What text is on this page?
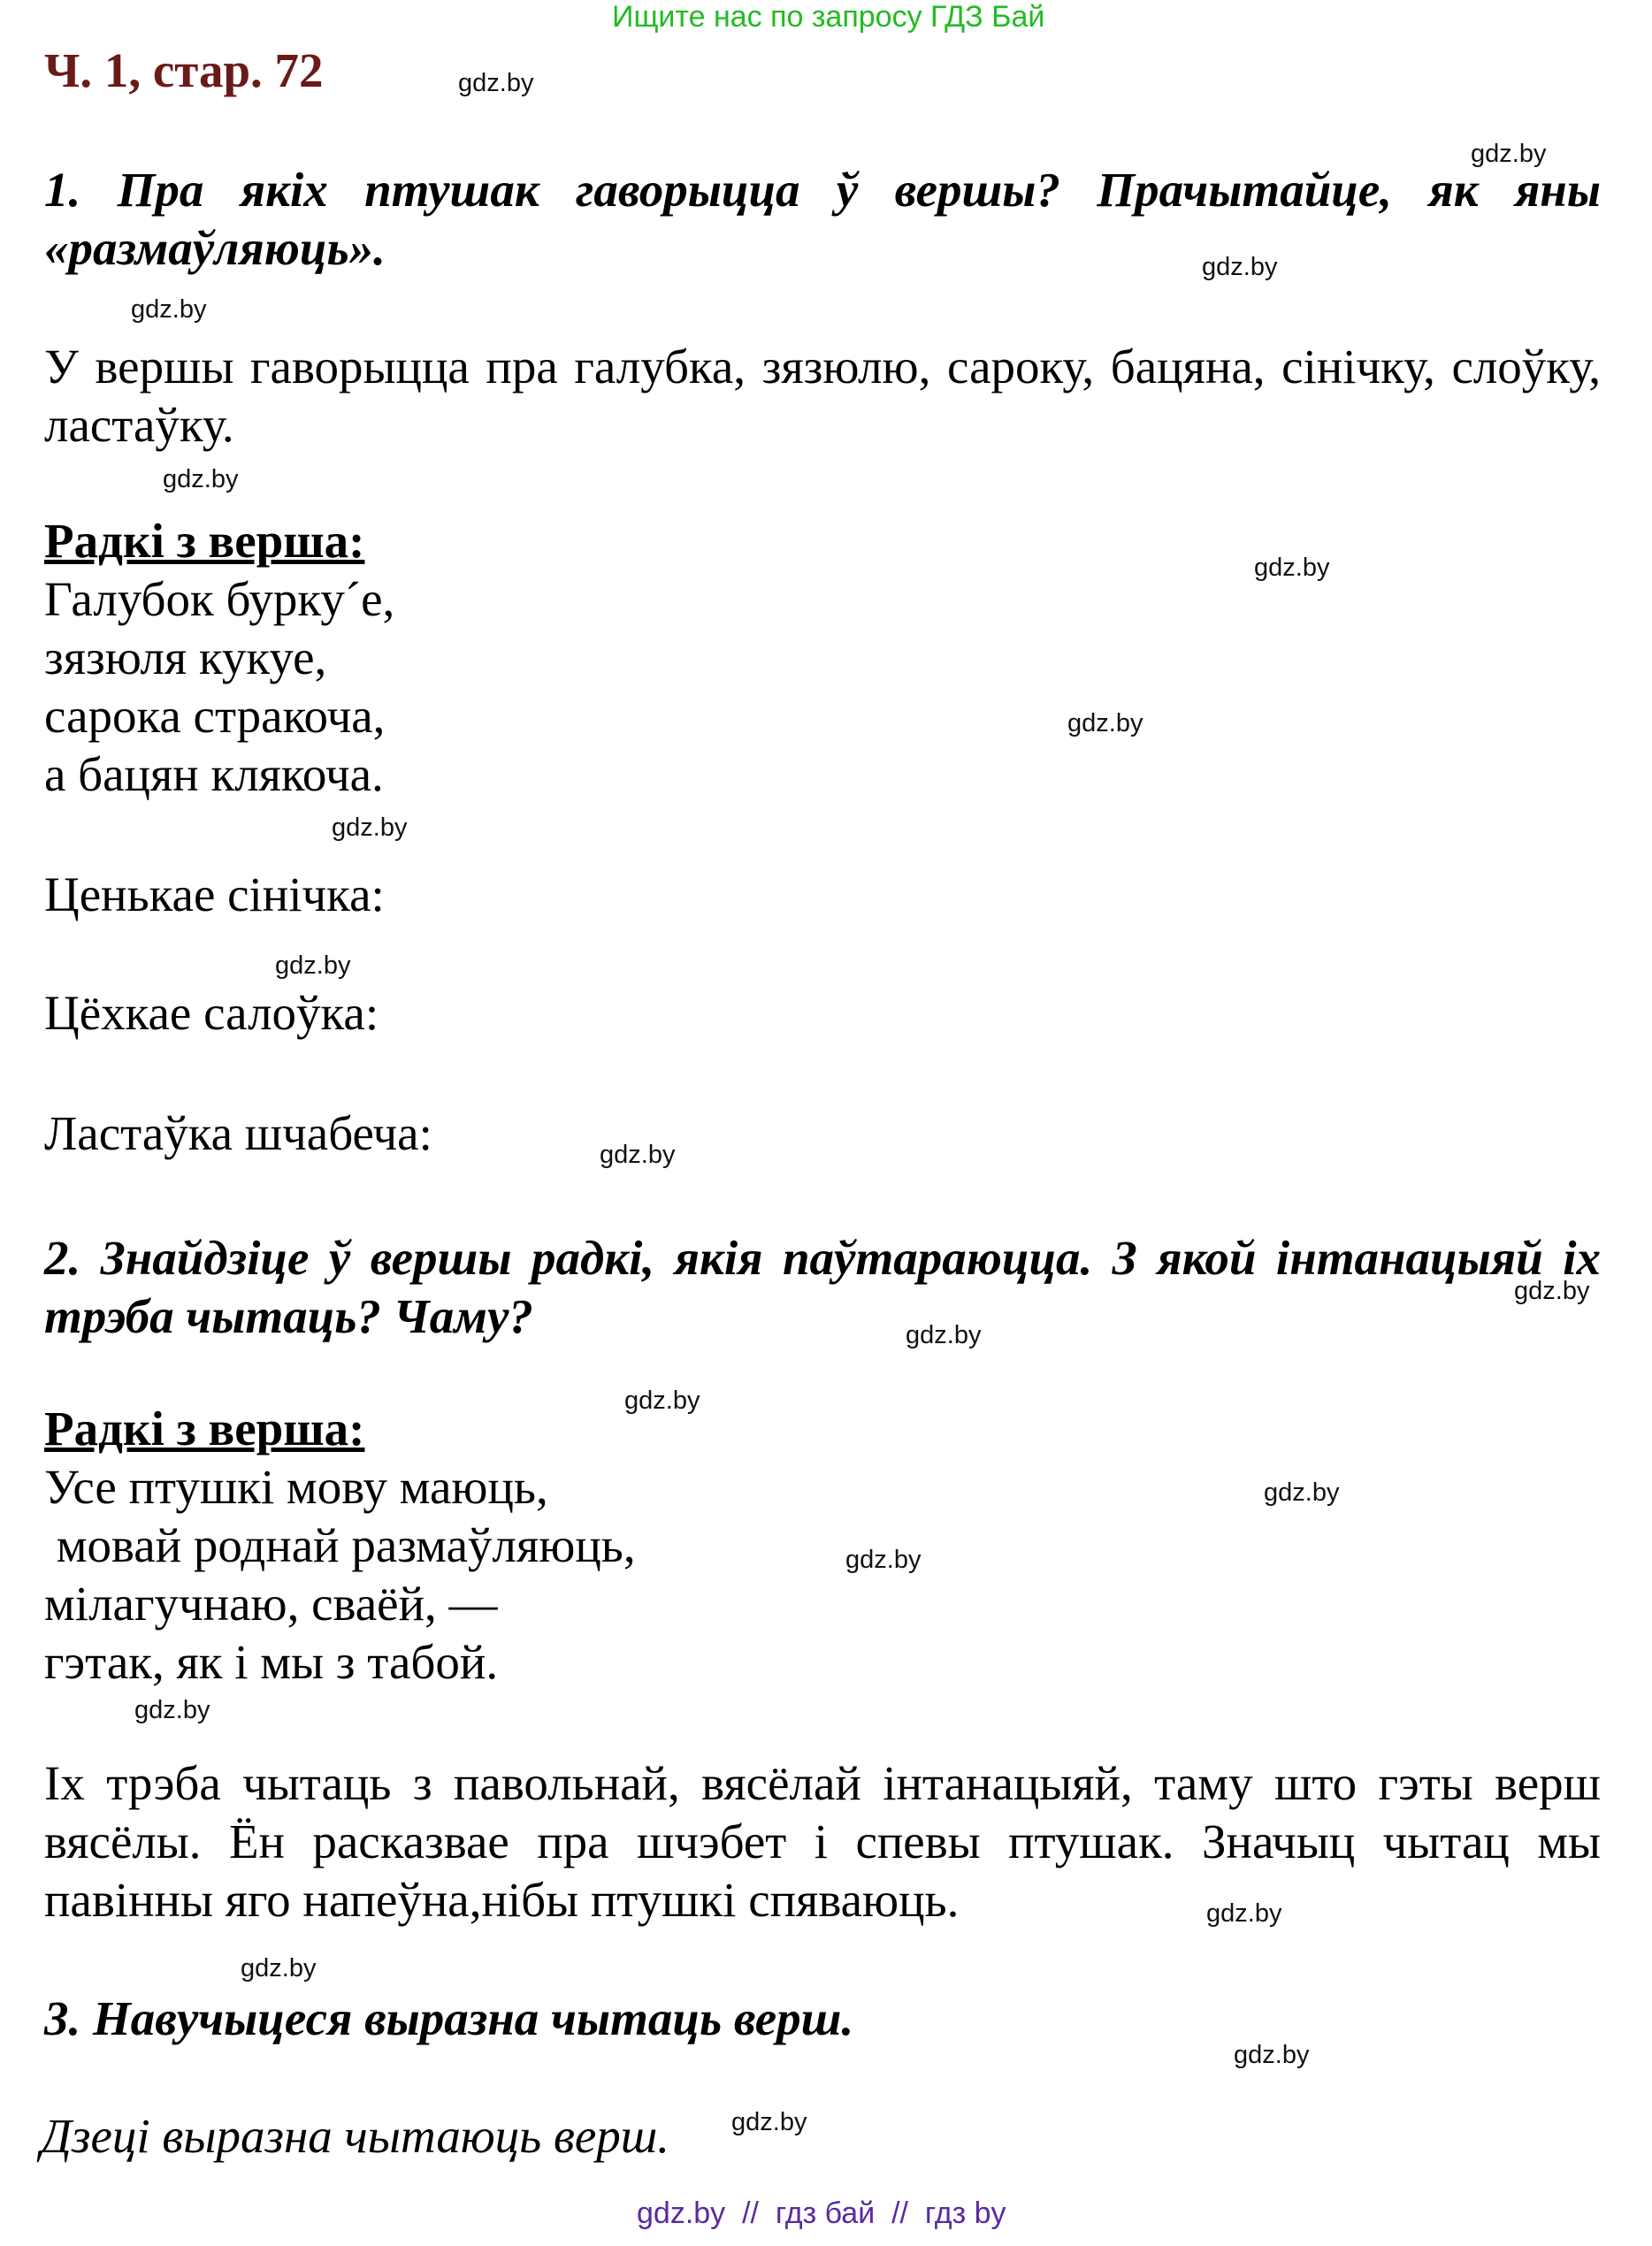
Ищите нас по запросу ГДЗ Бай
Ч. 1, стар. 72
1. Пра якіх птушак гаворыцца ў вершы? Прачытайце, як яны «размаўляюць».
У вершы гаворыцца пра галубка, зязюлю, сароку, бацяна, сінічку, слоўку, ластаўку.
Радкі з верша:
Галубок бурку´е,
зязюля кукуе,
сарока стракоча,
а бацян клякоча.
Ценькае сінічка:
Цёхкае салоўка:
Ластаўка шчабеча:
2. Знайдзіце ў вершы радкі, якія паўтараюцца. З якой інтанацыяй іх трэба чытаць? Чаму?
Радкі з верша:
Усе птушкі мову маюць,
мовай роднай размаўляюць,
мілагучнаю, сваёй, —
гэтак, як і мы з табой.
Іх трэба чытаць з павольнай, вясёлай інтанацыяй, таму што гэты верш вясёлы. Ён расказвае пра шчэбет і спевы птушак. Значыц чытац мы павінны яго напеўна,нібы птушкі спяваюць.
3. Навучыцеся выразна чытаць верш.
Дзеці выразна чытаюць верш.
gdz.by
gdz.by
gdz.by
gdz.by
gdz.by
gdz.by
gdz.by
gdz.by
gdz.by
gdz.by
gdz.by
gdz.by
gdz.by
gdz.by
gdz.by
gdz.by
gdz.by
gdz.by
gdz.by
gdz.by
gdz.by  //  гдз бай  //  гдз by
